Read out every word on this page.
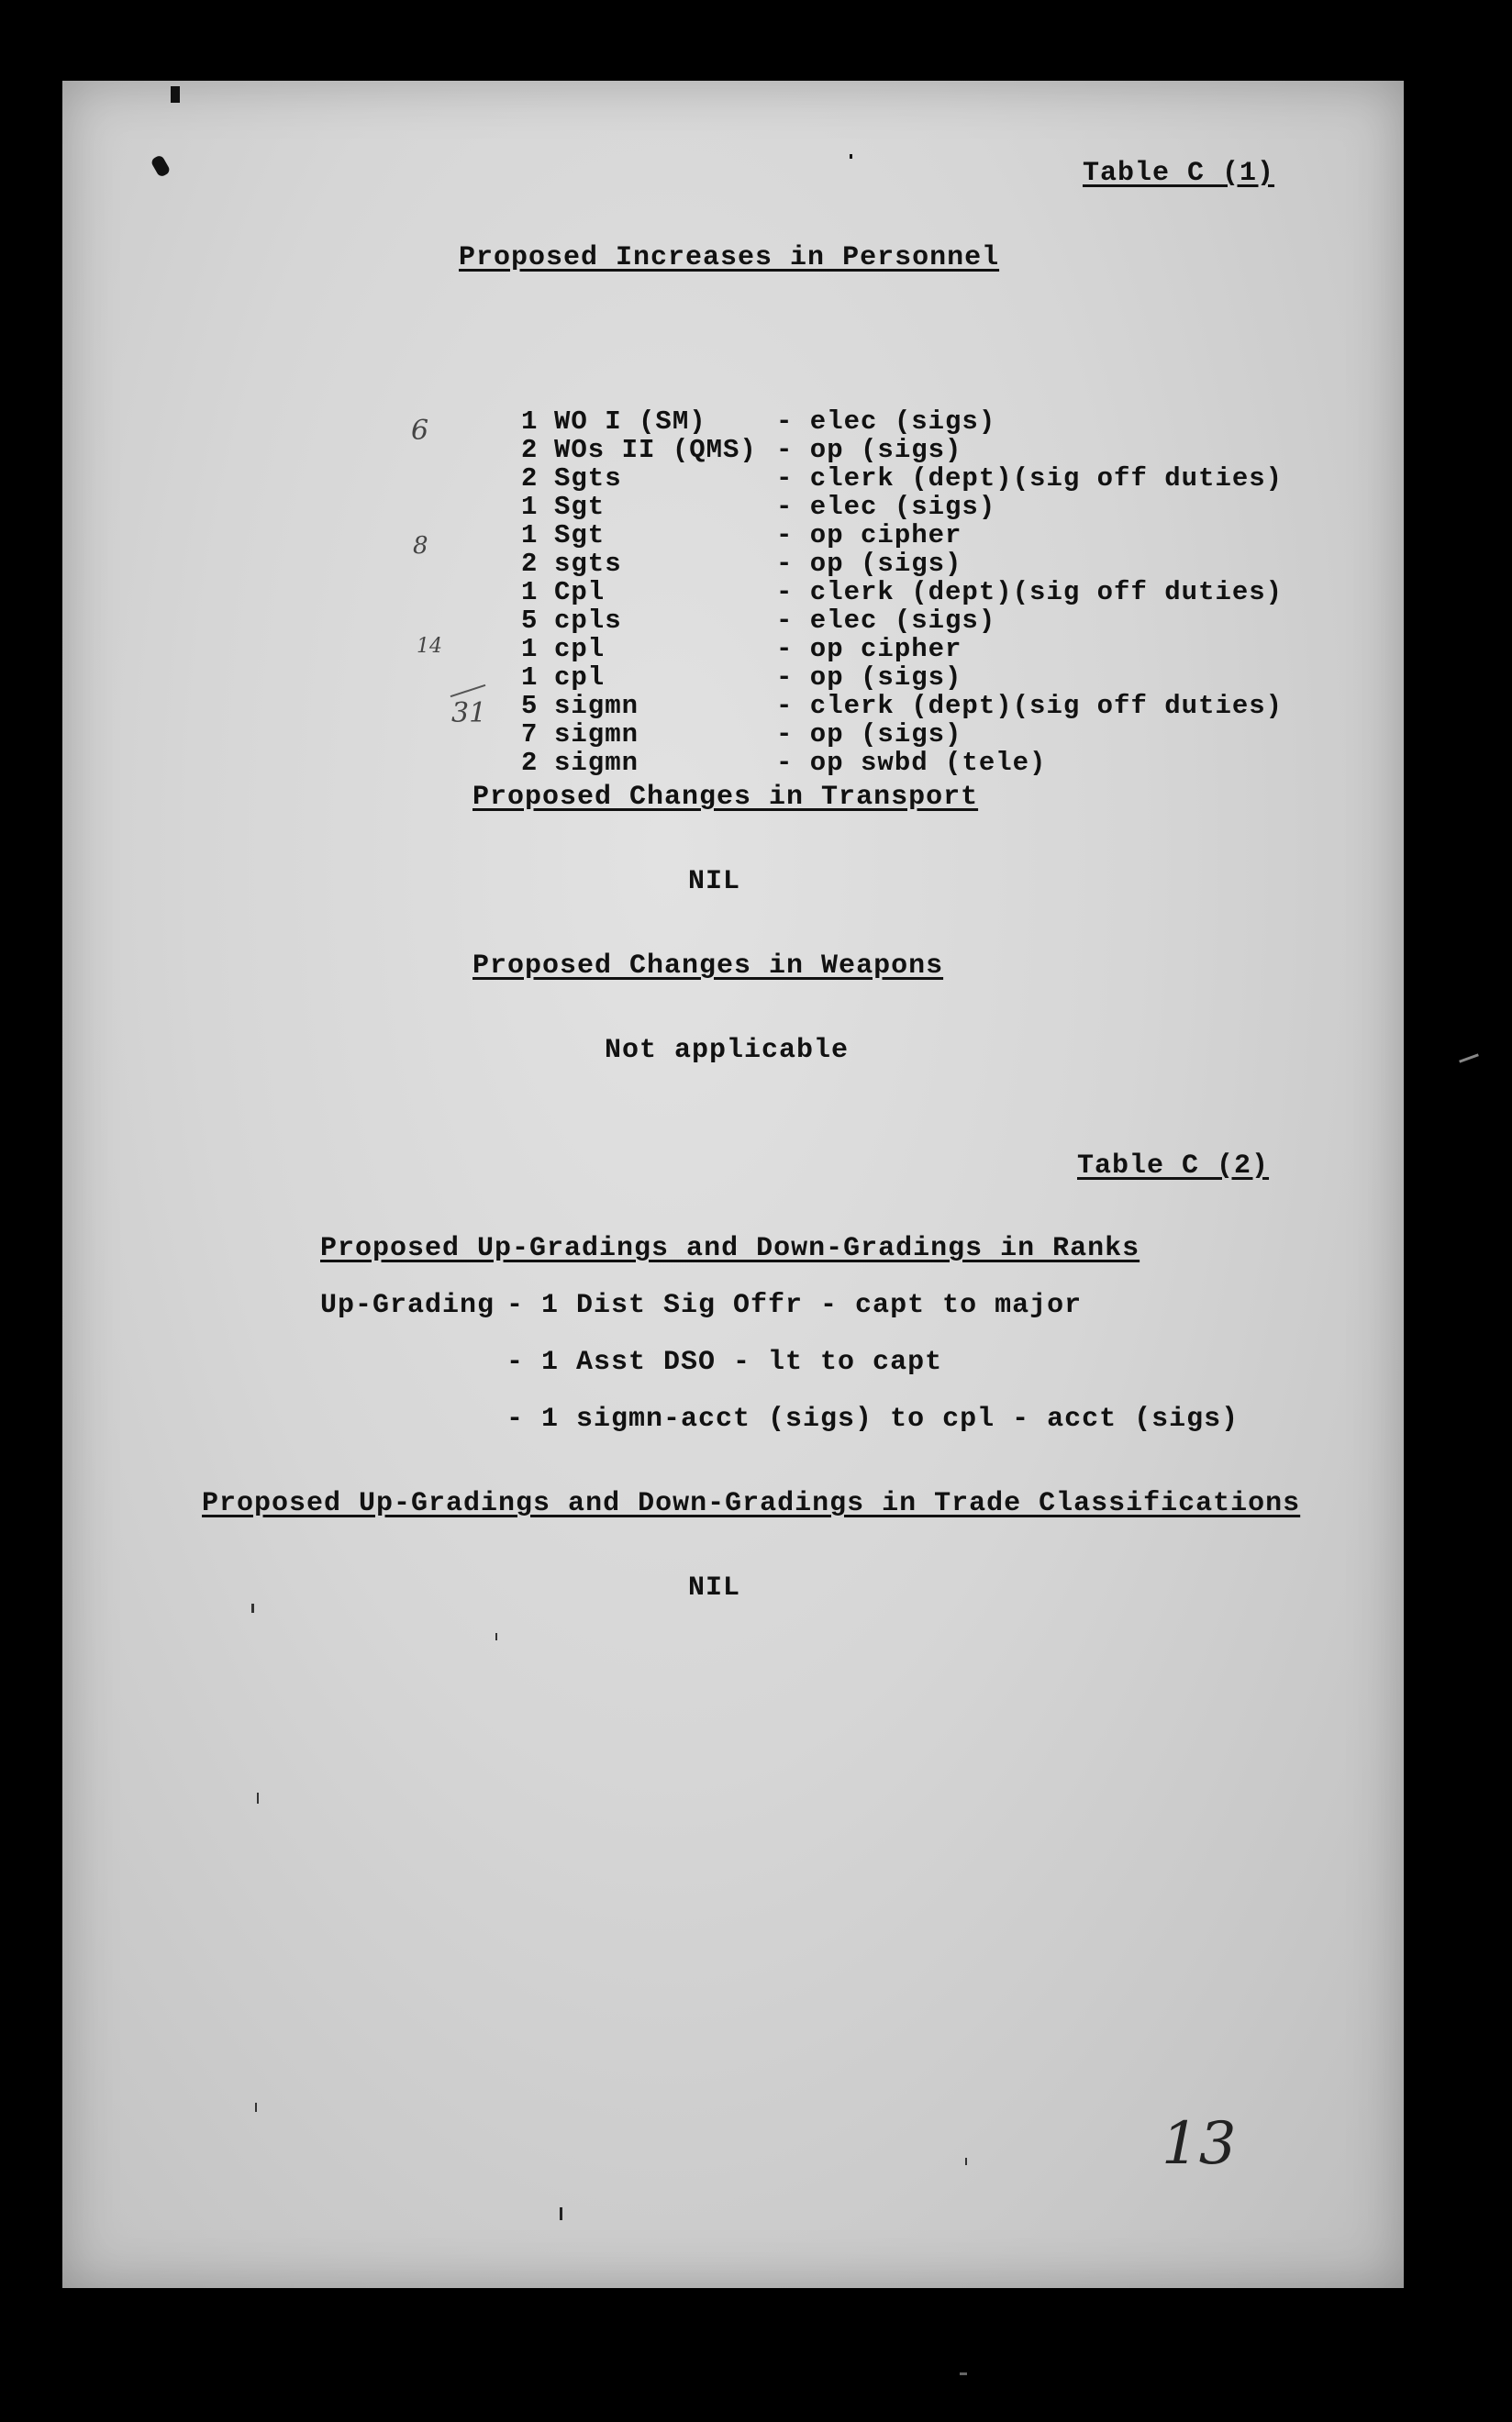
Table C (1)
Proposed Increases in Personnel
1 WO I (SM)	- elec (sigs)
2 WOs II (QMS) - op (sigs)
2 Sgts	- clerk (dept)(sig off duties)
1 Sgt	- elec (sigs)
1 Sgt	- op cipher
2 sgts	- op (sigs)
1 Cpl	- clerk (dept)(sig off duties)
5 cpls	- elec (sigs)
1 cpl	- op cipher
1 cpl	- op (sigs)
5 sigmn	- clerk (dept)(sig off duties)
7 sigmn	- op (sigs)
2 sigmn	- op swbd (tele)
6
8
14
31
Proposed Changes in Transport
NIL
Proposed Changes in Weapons
Not applicable
Table C (2)
Proposed Up-Gradings and Down-Gradings in Ranks
Up-Grading - 1 Dist Sig Offr - capt to major
- 1 Asst DSO - lt to capt
- 1 sigmn-acct (sigs) to cpl - acct (sigs)
Proposed Up-Gradings and Down-Gradings in Trade Classifications
NIL
13
